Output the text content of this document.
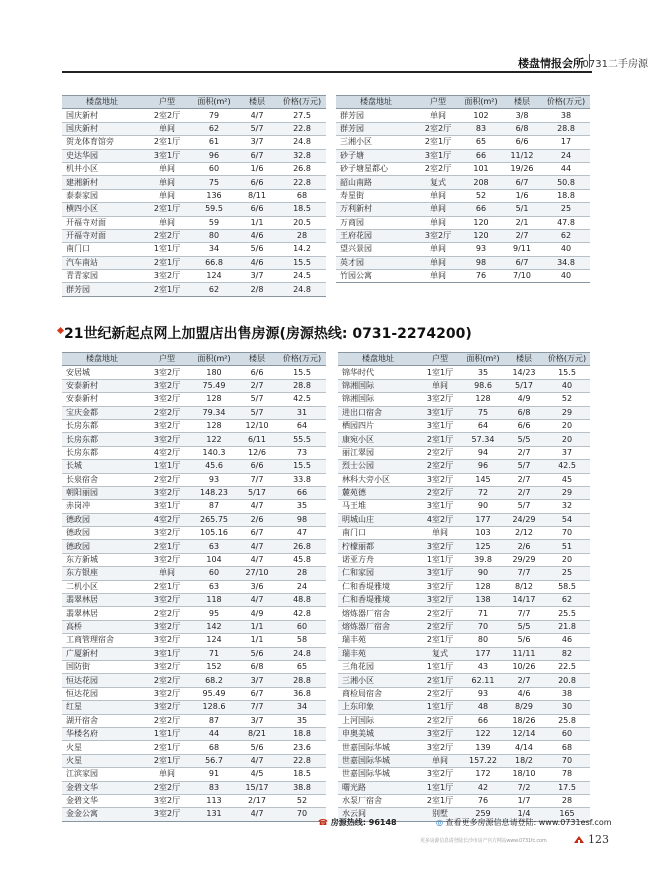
楼盘情报会所
0731二手房源
楼盘地址	户型	面积(m²)	楼层	价格(万元)
国庆新村	2室2厅	79	4/7	27.5
国庆新村	单间	62	5/7	22.8
贺龙体育馆旁	2室1厅	61	3/7	24.8
史达华园	3室1厅	96	6/7	32.8
机井小区	单间	60	1/6	26.8
建湘新村	单间	75	6/6	22.8
泰泰家园	单间	136	8/11	68
横四小区	2室1厅	59.5	6/6	18.5
开福寺对面	单间	59	1/1	20.5
开福寺对面	2室2厅	80	4/6	28
南门口	1室1厅	34	5/6	14.2
汽车南站	2室1厅	66.8	4/6	15.5
青青家园	3室2厅	124	3/7	24.5
群芳园	2室1厅	62	2/8	24.8
楼盘地址	户型	面积(m²)	楼层	价格(万元)
群芳园	单间	102	3/8	38
群芳园	2室2厅	83	6/8	28.8
三湘小区	2室1厅	65	6/6	17
砂子塘	3室1厅	66	11/12	24
砂子塘星都心	2室2厅	101	19/26	44
韶山南路	复式	208	6/7	50.8
寿星街	单间	52	1/6	18.8
万利新村	单间	66	5/1	25
万商园	单间	120	2/1	47.8
王府花园	3室2厅	120	2/7	62
望兴景园	单间	93	9/11	40
英才园	单间	98	6/7	34.8
竹园公寓	单间	76	7/10	40
21世纪新起点网上加盟店出售房源(房源热线: 0731-2274200)
楼盘地址	户型	面积(m²)	楼层	价格(万元)
安居城	3室2厅	180	6/6	15.5
安泰新村	3室2厅	75.49	2/7	28.8
安泰新村	3室2厅	128	5/7	42.5
宝庆金都	2室2厅	79.34	5/7	31
长房东都	3室2厅	128	12/10	64
长房东都	3室2厅	122	6/11	55.5
长房东都	4室2厅	140.3	12/6	73
长城	1室1厅	45.6	6/6	15.5
长泉宿舍	2室2厅	93	7/7	33.8
朝阳丽园	3室2厅	148.23	5/17	66
赤岗冲	3室1厅	87	4/7	35
德政园	4室2厅	265.75	2/6	98
德政园	3室2厅	105.16	6/7	47
德政园	2室1厅	63	4/7	26.8
东方新城	3室2厅	104	4/7	45.8
东方银座	单间	60	27/10	28
二机小区	2室1厅	63	3/6	24
翡翠林居	3室2厅	118	4/7	48.8
翡翠林居	2室2厅	95	4/9	42.8
高桥	3室2厅	142	1/1	60
工商管理宿舍	3室2厅	124	1/1	58
广厦新村	3室1厅	71	5/6	24.8
国防街	3室2厅	152	6/8	65
恒达花园	2室2厅	68.2	3/7	28.8
恒达花园	3室2厅	95.49	6/7	36.8
红星	3室2厅	128.6	7/7	34
湖开宿舍	2室2厅	87	3/7	35
华楼名府	1室1厅	44	8/21	18.8
火星	2室1厅	68	5/6	23.6
火星	2室1厅	56.7	4/7	22.8
江滨家园	单间	91	4/5	18.5
金碧文华	2室2厅	83	15/17	38.8
金碧文华	3室2厅	113	2/17	52
金金公寓	3室2厅	131	4/7	70
楼盘地址	户型	面积(m²)	楼层	价格(万元)
锦华时代	1室1厅	35	14/23	15.5
锦湘国际	单间	98.6	5/17	40
锦湘国际	3室2厅	128	4/9	52
进出口宿舍	3室1厅	75	6/8	29
栖园四片	3室1厅	64	6/6	20
康宛小区	2室1厅	57.34	5/5	20
丽江翠园	2室2厅	94	2/7	37
烈士公园	2室2厅	96	5/7	42.5
林科大旁小区	3室2厅	145	2/7	45
麓苑德	2室2厅	72	2/7	29
马王堆	3室1厅	90	5/7	32
明城山庄	4室2厅	177	24/29	54
南门口	单间	103	2/12	70
柠檬丽都	3室2厅	125	2/6	51
诺亚方舟	1室1厅	39.8	29/29	20
仁和家园	3室1厅	90	7/7	25
仁和香堤雅境	3室2厅	128	8/12	58.5
仁和香堤雅境	3室2厅	138	14/17	62
熔炼器厂宿舍	2室2厅	71	7/7	25.5
熔炼器厂宿舍	2室2厅	70	5/5	21.8
瑞丰苑	2室1厅	80	5/6	46
瑞丰苑	复式	177	11/11	82
三角花园	1室1厅	43	10/26	22.5
三湘小区	2室1厅	62.11	2/7	20.8
商检局宿舍	2室2厅	93	4/6	38
上东印象	1室1厅	48	8/29	30
上河国际	2室2厅	66	18/26	25.8
申奥美城	3室2厅	122	12/14	60
世嘉国际华城	3室2厅	139	4/14	68
世嘉国际华城	单间	157.22	18/2	70
世嘉国际华城	3室2厅	172	18/10	78
曙光路	1室1厅	42	7/2	17.5
水泵厂宿舍	2室1厅	76	1/7	28
水云间	别墅	259	1/4	165
☎ 房源热线: 96148	◎ 查看更多房源信息请登陆: www.0731esf.com
更多房源信息请登陆长沙市房产官方网站www.0731fc.com	123
